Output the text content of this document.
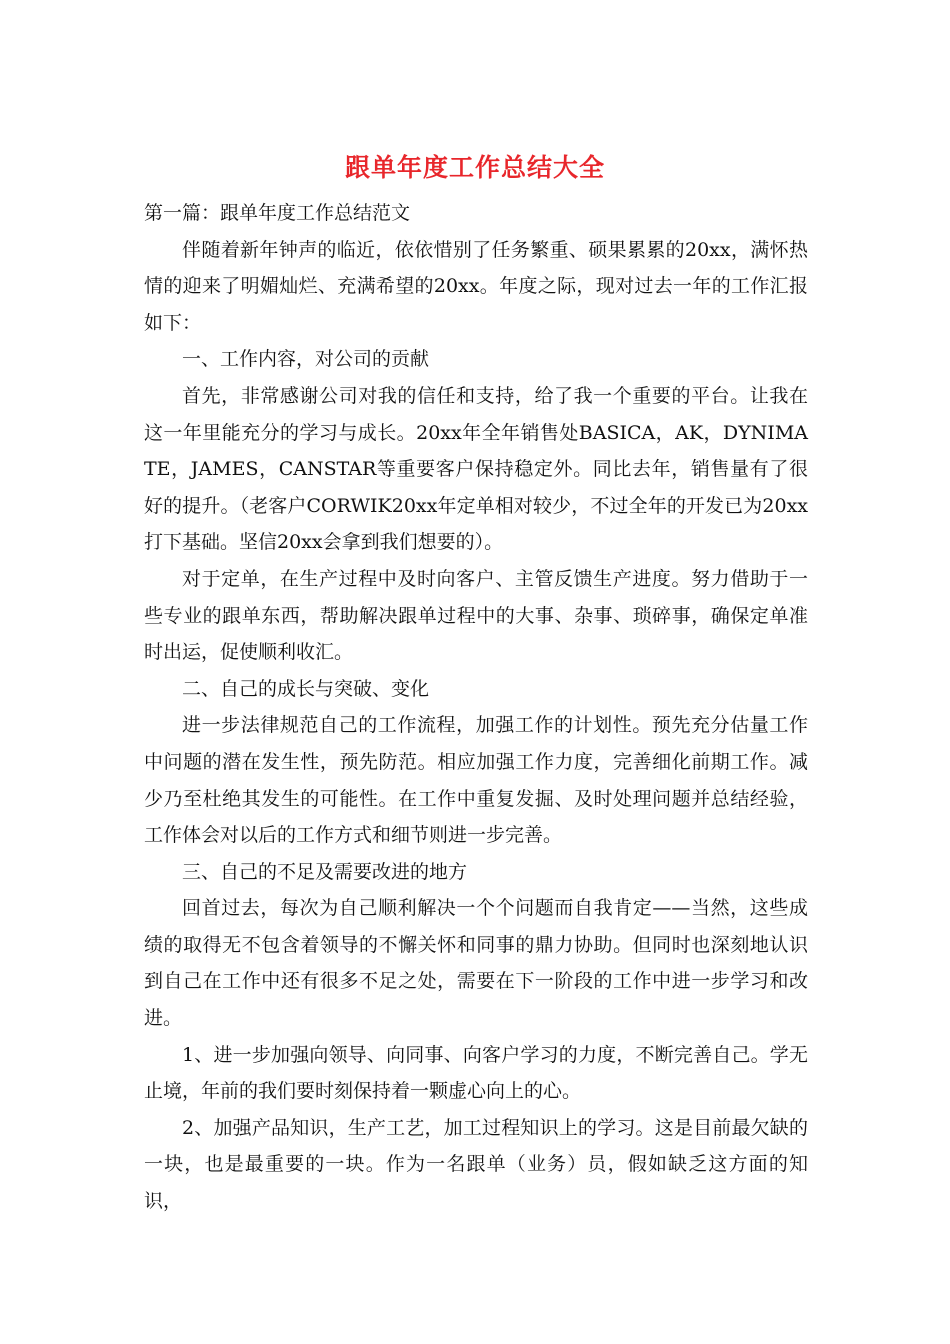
跟单年度工作总结大全

第一篇：跟单年度工作总结范文

伴随着新年钟声的临近，依依惜别了任务繁重、硕果累累的20xx，满怀热情的迎来了明媚灿烂、充满希望的20xx。年度之际，现对过去一年的工作汇报如下：

一、工作内容，对公司的贡献

首先，非常感谢公司对我的信任和支持，给了我一个重要的平台。让我在这一年里能充分的学习与成长。20xx年全年销售处BASICA，AK，DYNIMATE，JAMES，CANSTAR等重要客户保持稳定外。同比去年，销售量有了很好的提升。（老客户CORWIK20xx年定单相对较少，不过全年的开发已为20xx打下基础。坚信20xx会拿到我们想要的）。

对于定单，在生产过程中及时向客户、主管反馈生产进度。努力借助于一些专业的跟单东西，帮助解决跟单过程中的大事、杂事、琐碎事，确保定单准时出运，促使顺利收汇。

二、自己的成长与突破、变化

进一步法律规范自己的工作流程，加强工作的计划性。预先充分估量工作中问题的潜在发生性，预先防范。相应加强工作力度，完善细化前期工作。减少乃至杜绝其发生的可能性。在工作中重复发掘、及时处理问题并总结经验，工作体会对以后的工作方式和细节则进一步完善。

三、自己的不足及需要改进的地方

回首过去，每次为自己顺利解决一个个问题而自我肯定——当然，这些成绩的取得无不包含着领导的不懈关怀和同事的鼎力协助。但同时也深刻地认识到自己在工作中还有很多不足之处，需要在下一阶段的工作中进一步学习和改进。

1、进一步加强向领导、向同事、向客户学习的力度，不断完善自己。学无止境，年前的我们要时刻保持着一颗虚心向上的心。

2、加强产品知识，生产工艺，加工过程知识上的学习。这是目前最欠缺的一块，也是最重要的一块。作为一名跟单（业务）员，假如缺乏这方面的知识，
